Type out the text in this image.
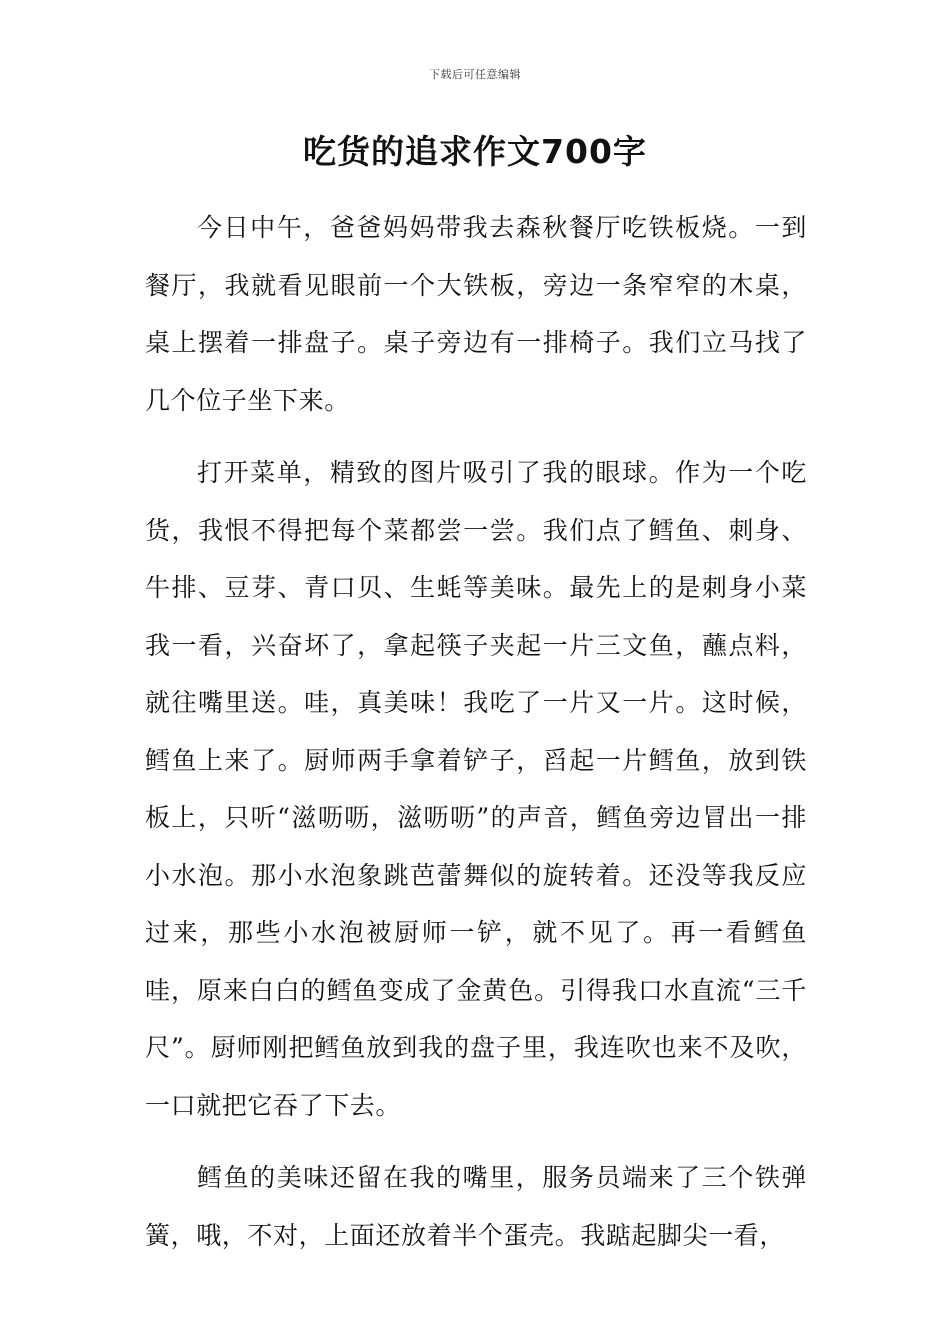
下载后可任意编辑
吃货的追求作文700字

今日中午，爸爸妈妈带我去森秋餐厅吃铁板烧。一到餐厅，我就看见眼前一个大铁板，旁边一条窄窄的木桌，桌上摆着一排盘子。桌子旁边有一排椅子。我们立马找了几个位子坐下来。

打开菜单，精致的图片吸引了我的眼球。作为一个吃货，我恨不得把每个菜都尝一尝。我们点了鳕鱼、刺身、牛排、豆芽、青口贝、生蚝等美味。最先上的是刺身小菜我一看，兴奋坏了，拿起筷子夹起一片三文鱼，蘸点料，就往嘴里送。哇，真美味！我吃了一片又一片。这时候，鳕鱼上来了。厨师两手拿着铲子，舀起一片鳕鱼，放到铁板上，只听“滋呖呖，滋呖呖”的声音，鳕鱼旁边冒出一排小水泡。那小水泡象跳芭蕾舞似的旋转着。还没等我反应过来，那些小水泡被厨师一铲，就不见了。再一看鳕鱼哇，原来白白的鳕鱼变成了金黄色。引得我口水直流“三千尺”。厨师刚把鳕鱼放到我的盘子里，我连吹也来不及吹，一口就把它吞了下去。

鳕鱼的美味还留在我的嘴里，服务员端来了三个铁弹簧，哦，不对，上面还放着半个蛋壳。我踮起脚尖一看，
